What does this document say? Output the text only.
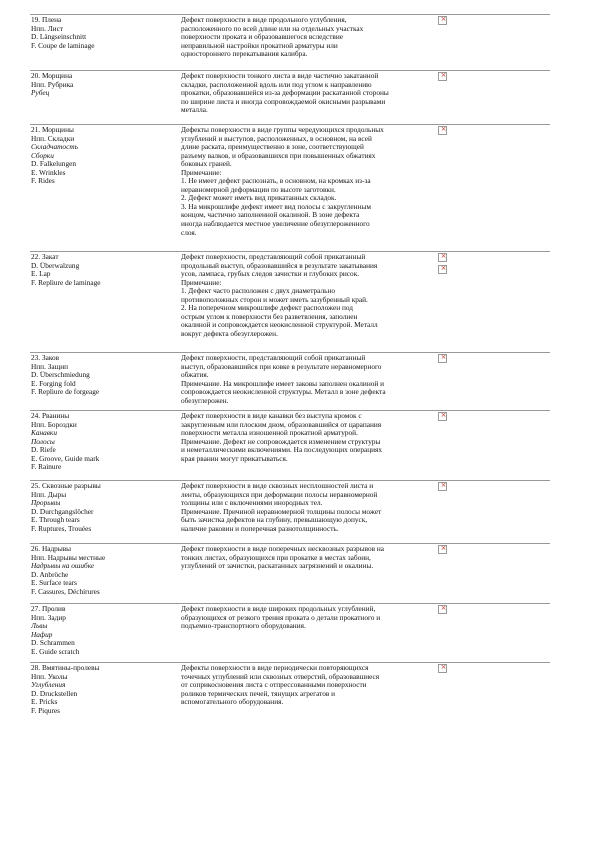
19. Плена
Нпп. Лист
D. Längseinschnitt
F. Coupe de laminage

Дефект поверхности в виде продольного углубления,
расположенного по всей длине или на отдельных участках
поверхности проката и образовавшегося вследствие
неправильной настройки прокатной арматуры или
одностороннего перекатывания калибра.

×
20. Морщина
Нпп. Рубрика
Рубец

Дефект поверхности тонкого листа в виде частично закатанной
складки, расположенной вдоль или под углом к направлению
прокатки, образовавшейся из-за деформации раскатанной стороны
по ширине листа и иногда сопровождаемой окисными разрывами
металла.

×
21. Морщины
Нпп. Складки
Складчатость
Сборки
D. Falkelungen
E. Wrinkles
F. Rides

Дефекты поверхности в виде группы чередующихся продольных
углублений и выступов, расположенных, в основном, на всей
длине раската, преимущественно в зоне, соответствующей
разъему валков, и образовавшихся при повышенных обжатиях
боковых граней.
Примечание:
1. Не имеет дефект распознать, в основном, на кромках из-за
неравномерной деформации по высоте заготовки.
2. Дефект может иметь вид прикатанных складок.
3. На микрошлифе дефект имеет вид полосы с закругленным
концом, частично заполненной окалиной. В зоне дефекта
иногда наблюдается местное увеличение обезуглероженного
слоя.

×
22. Закат
D. Überwalzung
E. Lap
F. Repliure de laminage

Дефект поверхности, представляющий собой прикатанный
продольный выступ, образовавшийся в результате закатывания
усов, лампаса, грубых следов зачистки и глубоких рисок.
Примечание:
1. Дефект часто расположен с двух диаметрально
противоположных сторон и может иметь зазубренный край.
2. На поперечном микрошлифе дефект расположен под
острым углом к поверхности без разветвления, заполнен
окалиной и сопровождается неокисленной структурой. Металл
вокруг дефекта обезуглерожен.

×
×
23. Заков
Нпп. Защип
D. Überschmiedung
E. Forging fold
F. Repliure de forgeage

Дефект поверхности, представляющий собой прикатанный
выступ, образовавшийся при ковке в результате неравномерного
обжатия.
Примечание. На микрошлифе имеет заковы заполнен окалиной и
сопровождается неокисленной структуры. Металл в зоне дефекта
обезуглерожен.

×
24. Рванины
Нпп. Бороздки
Канавки
Полосы
D. Riefe
E. Groove, Guide mark
F. Rainure
Дефект поверхности в виде канавки без выступа кромок с
закругленным или плоским дном, образовавшийся от царапания
поверхности металла изношенной прокатной арматурой.
Примечание. Дефект не сопровождается изменением структуры
и неметаллическими включениями. На последующих операциях
края рванин могут прикатываться.

×
25. Сквозные разрывы
Нпп. Дыры
Прорывы
D. Durchgangslöcher
E. Through tears
F. Ruptures, Trouées

Дефект поверхности в виде сквозных несплошностей листа и
ленты, образующихся при деформации полосы неравномерной
толщины или с включениями инородных тел.
Примечание. Причиной неравномерной толщины полосы может
быть зачистка дефектов на глубину, превышающую допуск,
наличие раковин и поперечная разнотолщинность.

×
26. Надрывы
Нпп. Надрывы местные
Надрывы на ошибке
D. Anbröche
E. Surface tears
F. Cassures, Déchirures

Дефект поверхности в виде поперечных несквозных разрывов на
тонких листах, образующихся при прокатке в местах забоин,
углублений от зачистки, раскатанных загрязнений и окалины.

×
27. Пролив
Нпп. Задир
Львы
Нафир
D. Schrammen
E. Guide scratch

Дефект поверхности в виде широких продольных углублений,
образующихся от резкого трения проката о детали прокатного и
подъемно-транспортного оборудования.

×
28. Вмятины-пролевы
Нпп. Уколы
Углубления
D. Druckstellen
E. Pricks
F. Piqures

Дефекты поверхности в виде периодически повторяющихся
точечных углублений или сквозных отверстий, образовавшиеся
от соприкосновения листа с отпрессованными поверхности
роликов термических печей, тянущих агрегатов и
вспомогательного оборудования.

×
